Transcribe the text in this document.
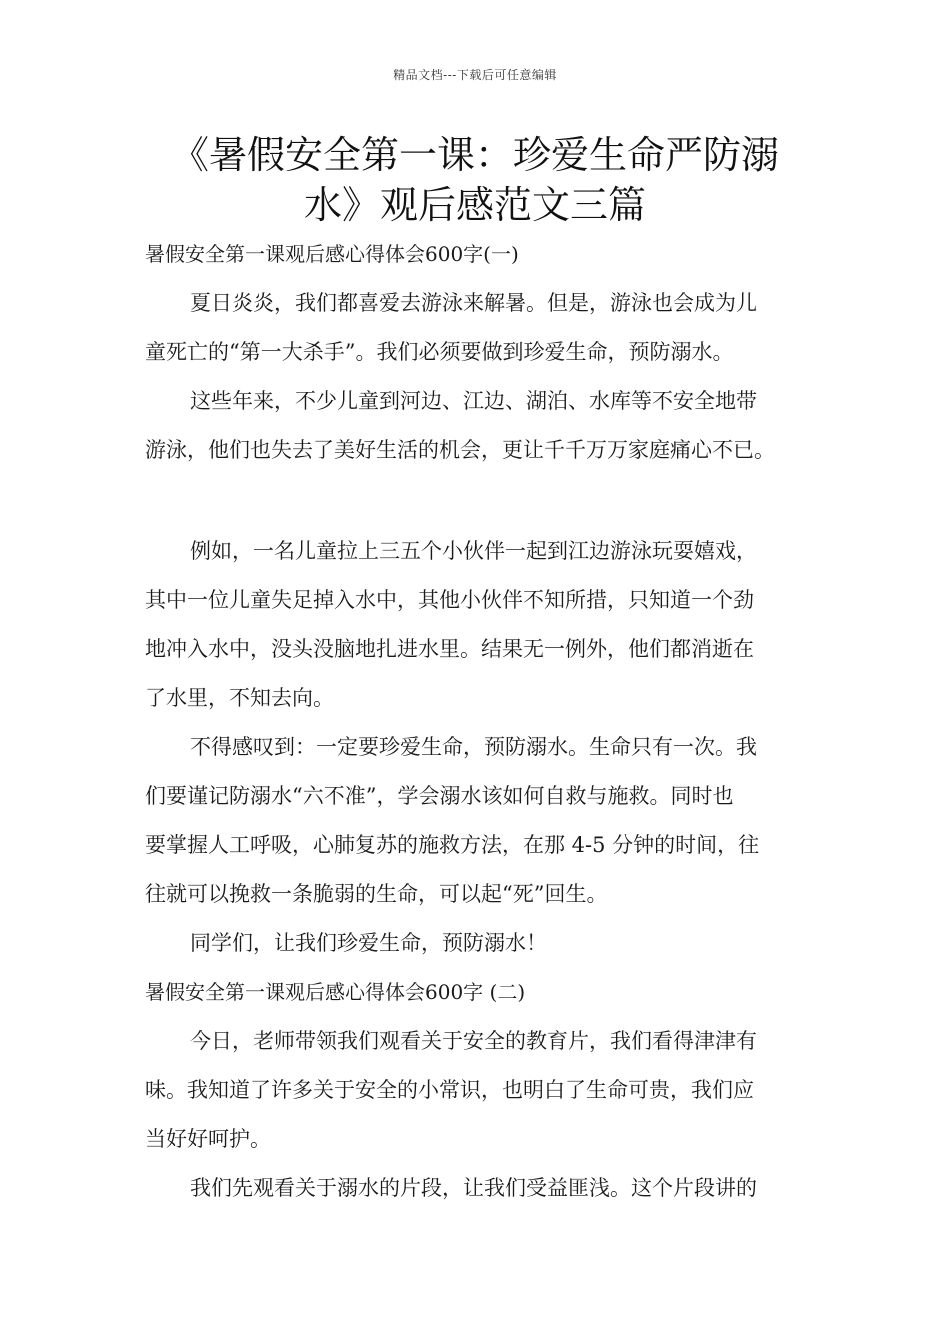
精品文档---下载后可任意编辑
《暑假安全第一课：珍爱生命严防溺
水》观后感范文三篇

暑假安全第一课观后感心得体会600字(一)

夏日炎炎，我们都喜爱去游泳来解暑。但是，游泳也会成为儿

童死亡的“第一大杀手”。我们必须要做到珍爱生命，预防溺水。

这些年来，不少儿童到河边、江边、湖泊、水库等不安全地带

游泳，他们也失去了美好生活的机会，更让千千万万家庭痛心不已。

例如，一名儿童拉上三五个小伙伴一起到江边游泳玩耍嬉戏，

其中一位儿童失足掉入水中，其他小伙伴不知所措，只知道一个劲

地冲入水中，没头没脑地扎进水里。结果无一例外，他们都消逝在

了水里，不知去向。

不得感叹到：一定要珍爱生命，预防溺水。生命只有一次。我

们要谨记防溺水“六不准”，学会溺水该如何自救与施救。同时也

要掌握人工呼吸，心肺复苏的施救方法，在那 4-5 分钟的时间，往

往就可以挽救一条脆弱的生命，可以起“死”回生。

同学们，让我们珍爱生命，预防溺水！

暑假安全第一课观后感心得体会600字 (二)

今日，老师带领我们观看关于安全的教育片，我们看得津津有

味。我知道了许多关于安全的小常识，也明白了生命可贵，我们应

当好好呵护。

我们先观看关于溺水的片段，让我们受益匪浅。这个片段讲的
